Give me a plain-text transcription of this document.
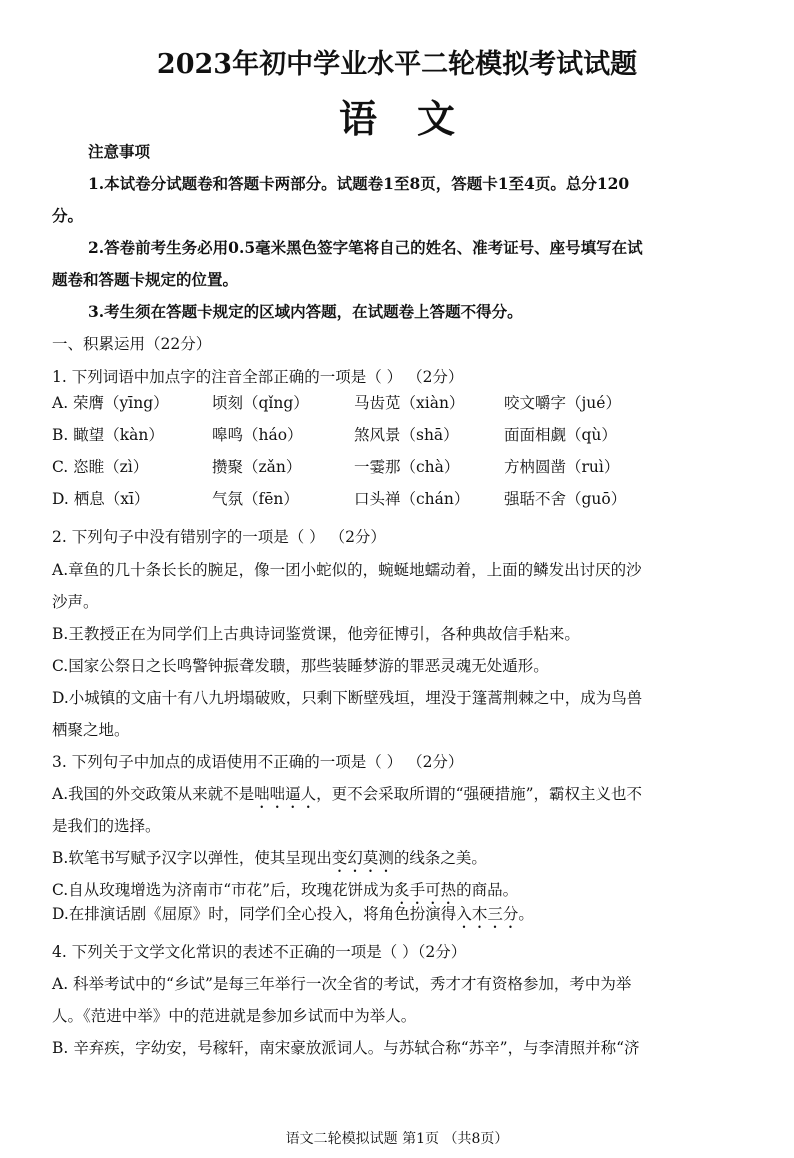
2023年初中学业水平二轮模拟考试试题
语文
注意事项
1.本试卷分试题卷和答题卡两部分。试题卷1至8页，答题卡1至4页。总分120
分。
2.答卷前考生务必用0.5毫米黑色签字笔将自己的姓名、准考证号、座号填写在试
题卷和答题卡规定的位置。
3.考生须在答题卡规定的区域内答题，在试题卷上答题不得分。
一、积累运用（22分）
1. 下列词语中加点字的注音全部正确的一项是（ ） （2分）
A. 荣膺（yīng）	顷刻（qǐng）	马齿苋（xiàn）	咬文嚼字（jué）
B. 瞰望（kàn）	嗥鸣（háo）	煞风景（shā）	面面相觑（qù）
C. 恣睢（zì）	攒聚（zǎn）	一霎那（chà）	方枘圆凿（ruì）
D. 栖息（xī）	气氛（fēn）	口头禅（chán） 强聒不舍（guō）
2. 下列句子中没有错别字的一项是（ ） （2分）
A.章鱼的几十条长长的腕足，像一团小蛇似的，蜿蜒地蠕动着，上面的鳞发出讨厌的沙
沙声。
B.王教授正在为同学们上古典诗词鉴赏课，他旁征博引，各种典故信手粘来。
C.国家公祭日之长鸣警钟振聋发聩，那些装睡梦游的罪恶灵魂无处遁形。
D.小城镇的文庙十有八九坍塌破败，只剩下断壁残垣，埋没于篷蒿荆棘之中，成为鸟兽
栖聚之地。
3. 下列句子中加点的成语使用不正确的一项是（ ） （2分）
A.我国的外交政策从来就不是咄咄逼人，更不会采取所谓的“强硬措施”，霸权主义也不
是我们的选择。
B.软笔书写赋予汉字以弹性，使其呈现出变幻莫测的线条之美。
C.自从玫瑰增选为济南市“市花”后，玫瑰花饼成为炙手可热的商品。
D.在排演话剧《屈原》时，同学们全心投入，将角色扮演得入木三分。
4. 下列关于文学文化常识的表述不正确的一项是（ ）（2分）
A. 科举考试中的“乡试”是每三年举行一次全省的考试，秀才才有资格参加，考中为举
人。《范进中举》中的范进就是参加乡试而中为举人。
B. 辛弃疾，字幼安，号稼轩，南宋豪放派词人。与苏轼合称“苏辛”，与李清照并称“济
语文二轮模拟试题 第1页 （共8页）
